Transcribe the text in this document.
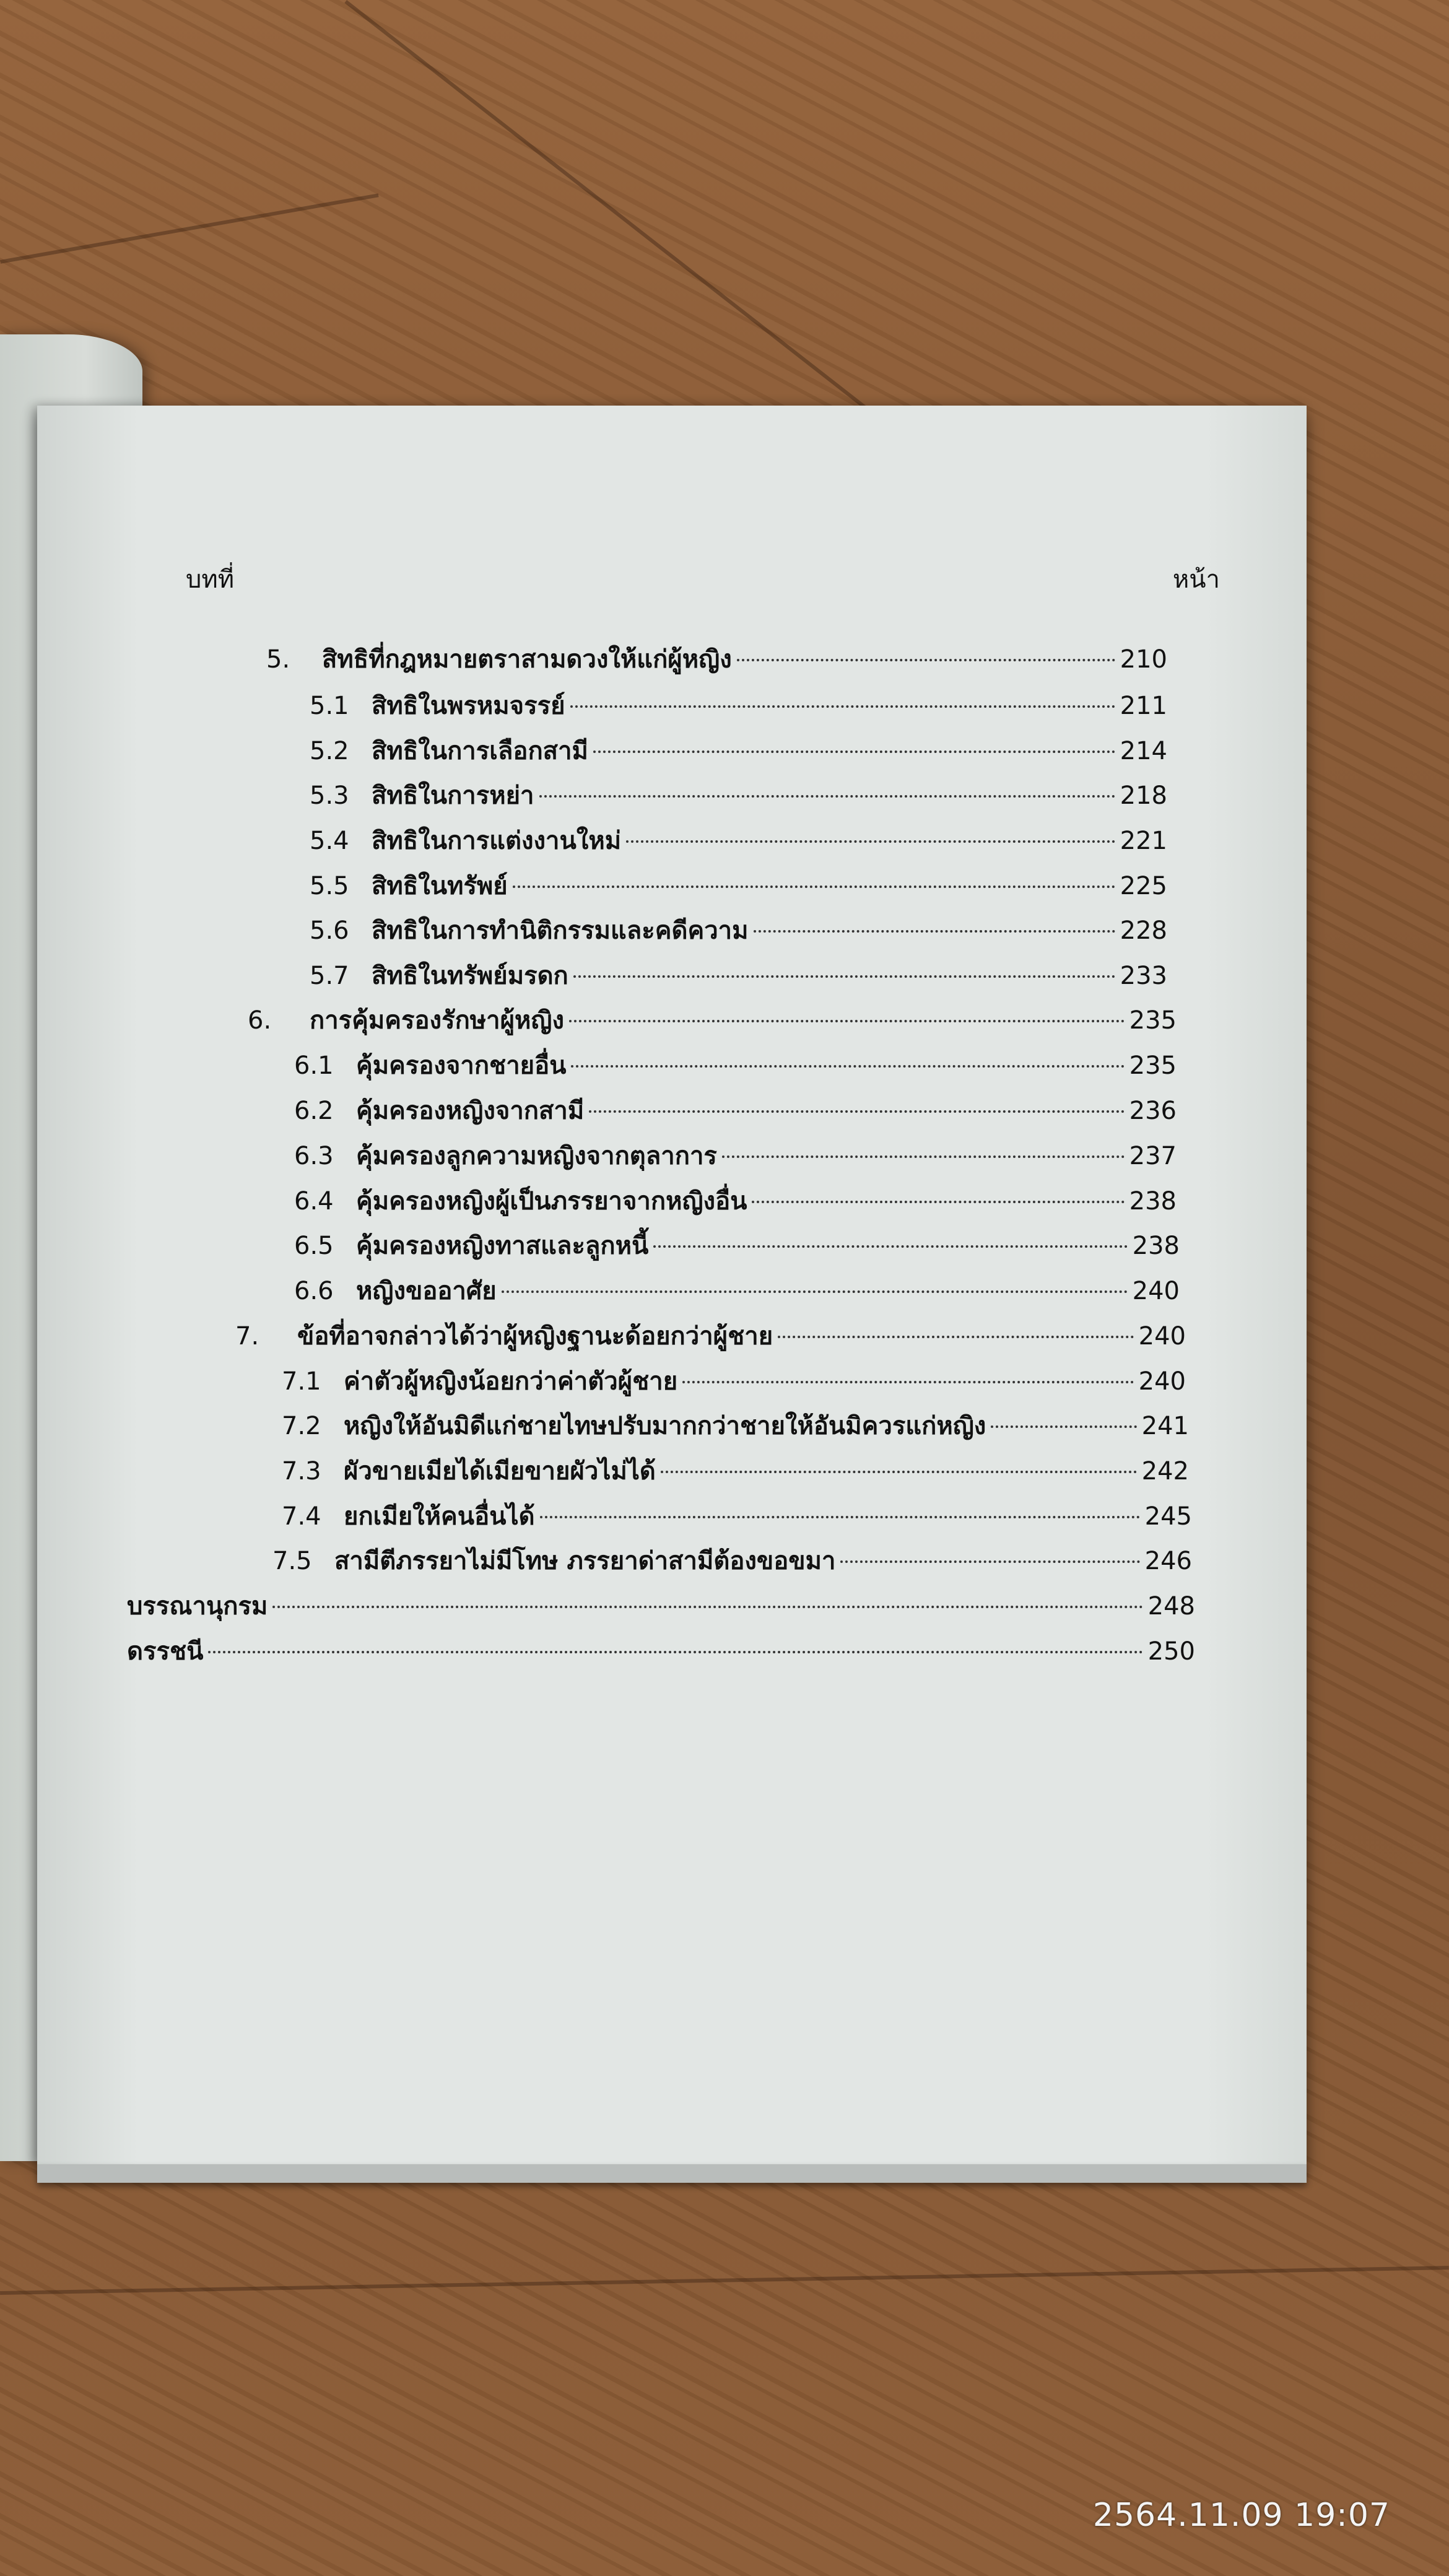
บทที่	หน้า
5.	สิทธิที่กฎหมายตราสามดวงให้แก่ผู้หญิง	210
5.1 สิทธิในพรหมจรรย์	211
5.2 สิทธิในการเลือกสามี	214
5.3 สิทธิในการหย่า	218
5.4 สิทธิในการแต่งงานใหม่	221
5.5 สิทธิในทรัพย์	225
5.6 สิทธิในการทำนิติกรรมและคดีความ	228
5.7 สิทธิในทรัพย์มรดก	233
6.	การคุ้มครองรักษาผู้หญิง	235
6.1 คุ้มครองจากชายอื่น	235
6.2 คุ้มครองหญิงจากสามี	236
6.3 คุ้มครองลูกความหญิงจากตุลาการ	237
6.4 คุ้มครองหญิงผู้เป็นภรรยาจากหญิงอื่น	238
6.5 คุ้มครองหญิงทาสและลูกหนี้	238
6.6 หญิงขออาศัย	240
7.	ข้อที่อาจกล่าวได้ว่าผู้หญิงฐานะด้อยกว่าผู้ชาย	240
7.1 ค่าตัวผู้หญิงน้อยกว่าค่าตัวผู้ชาย	240
7.2 หญิงให้อันมิดีแก่ชายไทษปรับมากกว่าชายให้อันมิควรแก่หญิง	241
7.3 ผัวขายเมียได้เมียขายผัวไม่ได้	242
7.4 ยกเมียให้คนอื่นได้	245
7.5 สามีตีภรรยาไม่มีโทษ ภรรยาด่าสามีต้องขอขมา	246
บรรณานุกรม	248
ดรรชนี	250
2564.11.09 19:07
